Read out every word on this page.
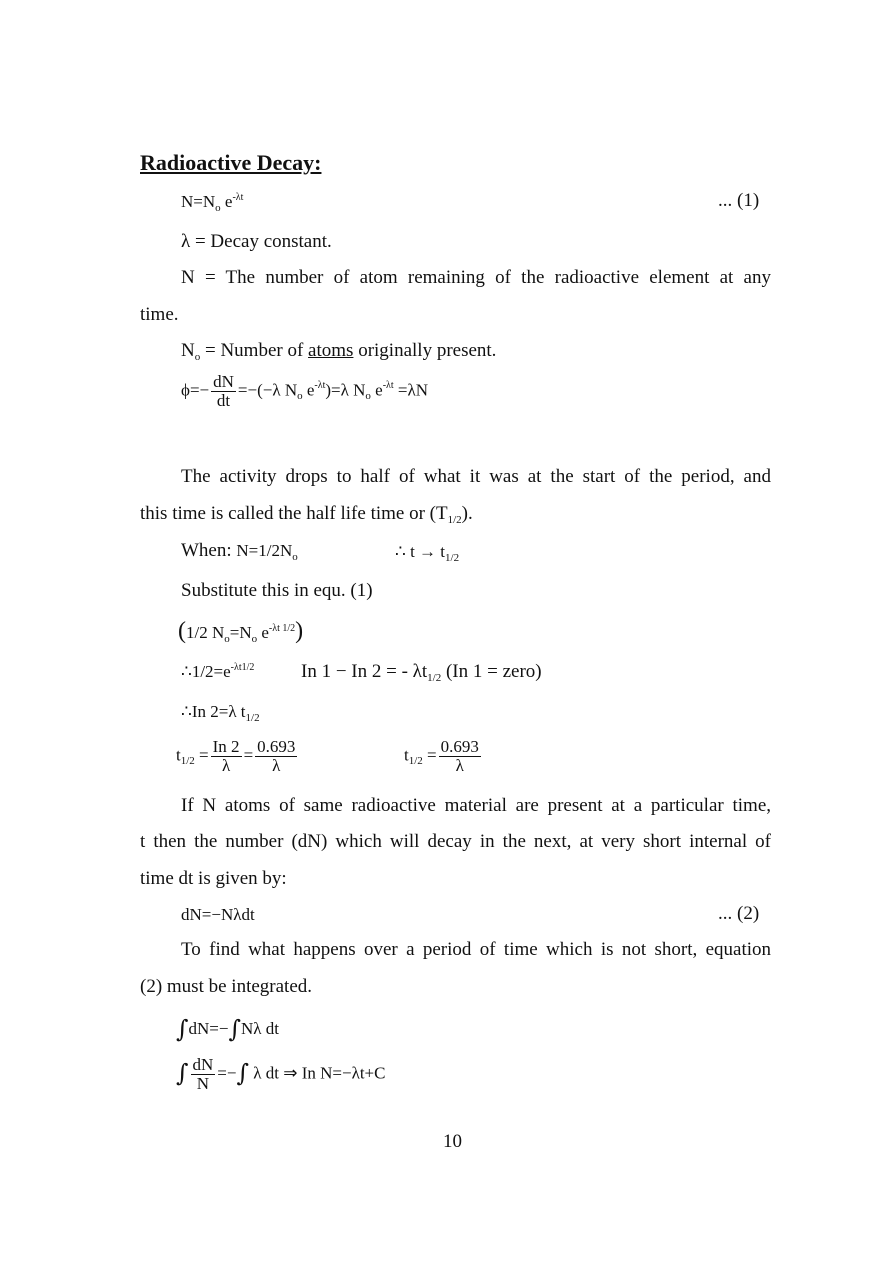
Radioactive Decay:
$N=N_o$ $e^{-\lambda t}$	... (1)
λ = Decay constant.
N = The number of atom remaining of the radioactive element at any
time.
$N_o$ = Number of atoms originally present.
$\phi=- \frac{dN}{dt} =-(-\lambda$ $N_o$ $e^{-\lambda t})=\lambda$ $N_o$ $e^{-\lambda t} =\lambda N$
The activity drops to half of what it was at the start of the period, and
this time is called the half life time or $(T_{1/2})$.
When: $N=1/2N_o$	∴ $t \to t_{1/2}$
Substitute this in equ. (1)
(1/2 $N_o=N_o$ $e^{-\lambda t 1/2}$)
$\therefore 1/2=e^{-\lambda t1/2}$ In 1 − In 2 = - $\lambda t_{1/2}$ (In 1 = zero)
∴In 2=λ $t_{1/2}$
$t_{1/2} = \frac{In 2}{\lambda} = \frac{0.693}{\lambda}$	$t_{1/2} = \frac{0.693}{\lambda}$
If N atoms of same radioactive material are present at a particular time,
t then the number (dN) which will decay in the next, at very short internal of
time dt is given by:
dN=−Nλdt	... (2)
To find what happens over a period of time which is not short, equation
(2) must be integrated.
∫dN=−∫Nλ dt
∫ $\frac{dN}{N}$ =−∫ λ dt ⇒ In N=−λt+C
10
